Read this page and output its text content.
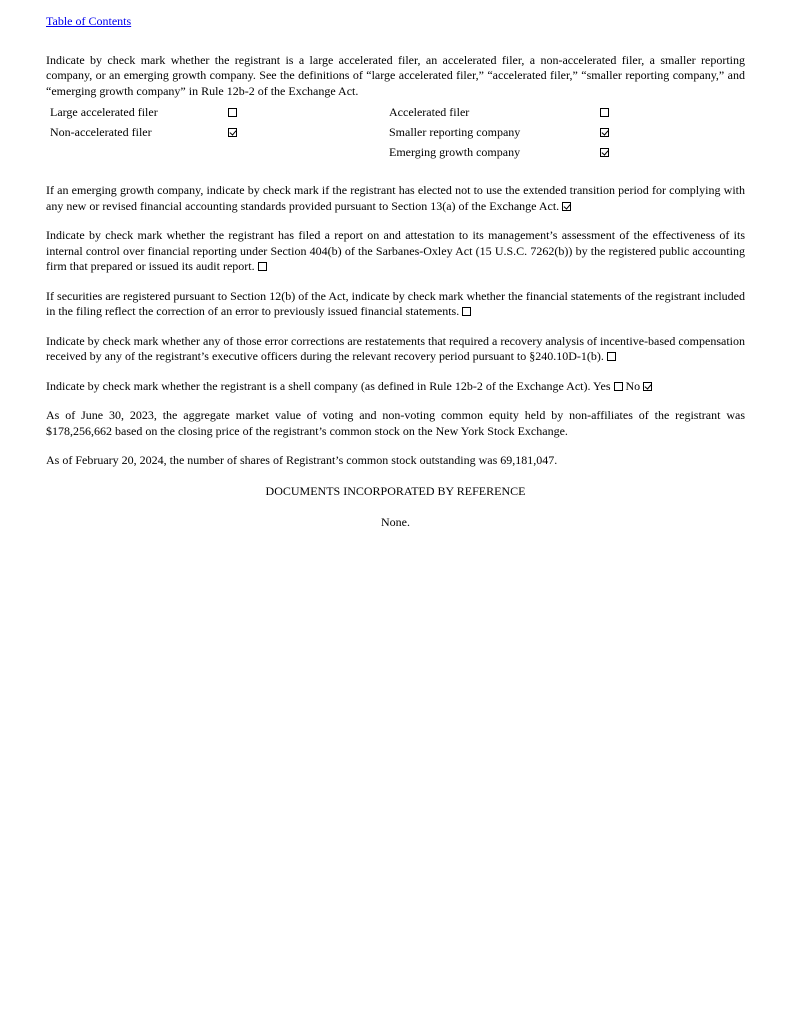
Table of Contents

Indicate by check mark whether the registrant is a large accelerated filer, an accelerated filer, a non-accelerated filer, a smaller reporting company, or an emerging growth company. See the definitions of “large accelerated filer,” “accelerated filer,” “smaller reporting company,” and “emerging growth company” in Rule 12b-2 of the Exchange Act.

Large accelerated filer		Accelerated filer	
Non-accelerated filer		Smaller reporting company	
		Emerging growth company	

If an emerging growth company, indicate by check mark if the registrant has elected not to use the extended transition period for complying with any new or revised financial accounting standards provided pursuant to Section 13(a) of the Exchange Act.

Indicate by check mark whether the registrant has filed a report on and attestation to its management’s assessment of the effectiveness of its internal control over financial reporting under Section 404(b) of the Sarbanes-Oxley Act (15 U.S.C. 7262(b)) by the registered public accounting firm that prepared or issued its audit report.

If securities are registered pursuant to Section 12(b) of the Act, indicate by check mark whether the financial statements of the registrant included in the filing reflect the correction of an error to previously issued financial statements.

Indicate by check mark whether any of those error corrections are restatements that required a recovery analysis of incentive-based compensation received by any of the registrant’s executive officers during the relevant recovery period pursuant to §240.10D-1(b).

Indicate by check mark whether the registrant is a shell company (as defined in Rule 12b-2 of the Exchange Act). Yes No

As of June 30, 2023, the aggregate market value of voting and non-voting common equity held by non-affiliates of the registrant was $178,256,662 based on the closing price of the registrant’s common stock on the New York Stock Exchange.

As of February 20, 2024, the number of shares of Registrant’s common stock outstanding was 69,181,047.

DOCUMENTS INCORPORATED BY REFERENCE

None.
